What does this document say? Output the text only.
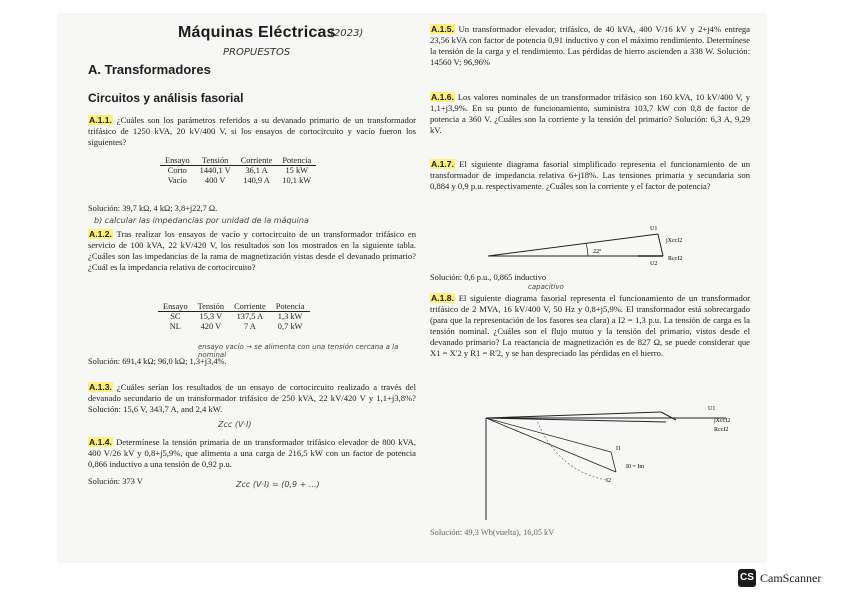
Máquinas Eléctricas
(2023)
PROPUESTOS
A. Transformadores
Circuitos y análisis fasorial
A.1.1. ¿Cuáles son los parámetros referidos a su devanado primario de un transformador trifásico de 1250 kVA, 20 kV/400 V, si los ensayos de cortocircuito y vacío fueron los siguientes?
Ensayo	Tensión	Corriente	Potencia
Corto	1440,1 V	36,1 A	15 kW
Vacío	400 V	140,9 A	10,1 kW
Solución: 39,7 kΩ, 4 kΩ; 3,8+j22,7 Ω.
b) calcular las impedancias por unidad de la máquina
A.1.2. Tras realizar los ensayos de vacío y cortocircuito de un transformador trifásico en servicio de 100 kVA, 22 kV/420 V, los resultados son los mostrados en la siguiente tabla. ¿Cuáles son las impedancias de la rama de magnetización vistas desde el devanado primario? ¿Cuál es la impedancia relativa de cortocircuito?
Ensayo	Tensión	Corriente	Potencia
SC	15,3 V	137,5 A	1,3 kW
NL	420 V	7 A	0,7 kW
ensayo vacío → se alimenta con una tensión cercana a la nominal
Solución: 691,4 kΩ; 96,0 kΩ; 1,3+j3,4%.
A.1.3. ¿Cuáles serían los resultados de un ensayo de cortocircuito realizado a través del devanado secundario de un transformador trifásico de 250 kVA, 22 kV/420 V y 1,1+j3,8%? Solución: 15,6 V, 343,7 A, and 2,4 kW.
Zcc (V·I)
A.1.4. Determínese la tensión primaria de un transformador trifásico elevador de 800 kVA, 400 V/26 kV y 0,8+j5,9%, que alimenta a una carga de 216,5 kW con un factor de potencia 0,866 inductivo a una tensión de 0,92 p.u.
Solución: 373 V	Zcc (V·I) = (0,9 + ...)
A.1.5. Un transformador elevador, trifásico, de 40 kVA, 400 V/16 kV y 2+j4% entrega 23,56 kVA con factor de potencia 0,91 inductivo y con el máximo rendimiento. Determínese la tensión de la carga y el rendimiento. Las pérdidas de hierro ascienden a 338 W. Solución: 14560 V; 96,96%
A.1.6. Los valores nominales de un transformador trifásico son 160 kVA, 10 kV/400 V, y 1,1+j3,9%. En su punto de funcionamiento, suministra 103,7 kW con 0,8 de factor de potencia a 360 V. ¿Cuáles son la corriente y la tensión del primario? Solución: 6,3 A, 9,29 kV.
A.1.7. El siguiente diagrama fasorial simplificado representa el funcionamiento de un transformador de impedancia relativa 6+j18%. Las tensiones primaria y secundaria son 0,884 y 0,9 p.u. respectivamente. ¿Cuáles son la corriente y el factor de potencia?
22°
U1
jXccI2
U2
RccI2
Solución: 0,6 p.u., 0,865 inductivo
capacitivo
A.1.8. El siguiente diagrama fasorial representa el funcionamiento de un transformador trifásico de 2 MVA, 16 kV/400 V, 50 Hz y 0,8+j5,9%. El transformador está sobrecargado (para que la representación de los fasores sea clara) a I2 = 1,3 p.u. La tensión de carga es la tensión nominal. ¿Cuáles son el flujo mutuo y la tensión del primario, vistos desde el devanado primario? La reactancia de magnetización es de 827 Ω, se puede considerar que X1 = X'2 y R1 = R'2, y se han despreciado las pérdidas en el hierro.
U1
jXccI2
RccI2
I1
I0 = Im
I2
Solución: 49,3 Wb(vuelta), 16,05 kV
CS CamScanner
